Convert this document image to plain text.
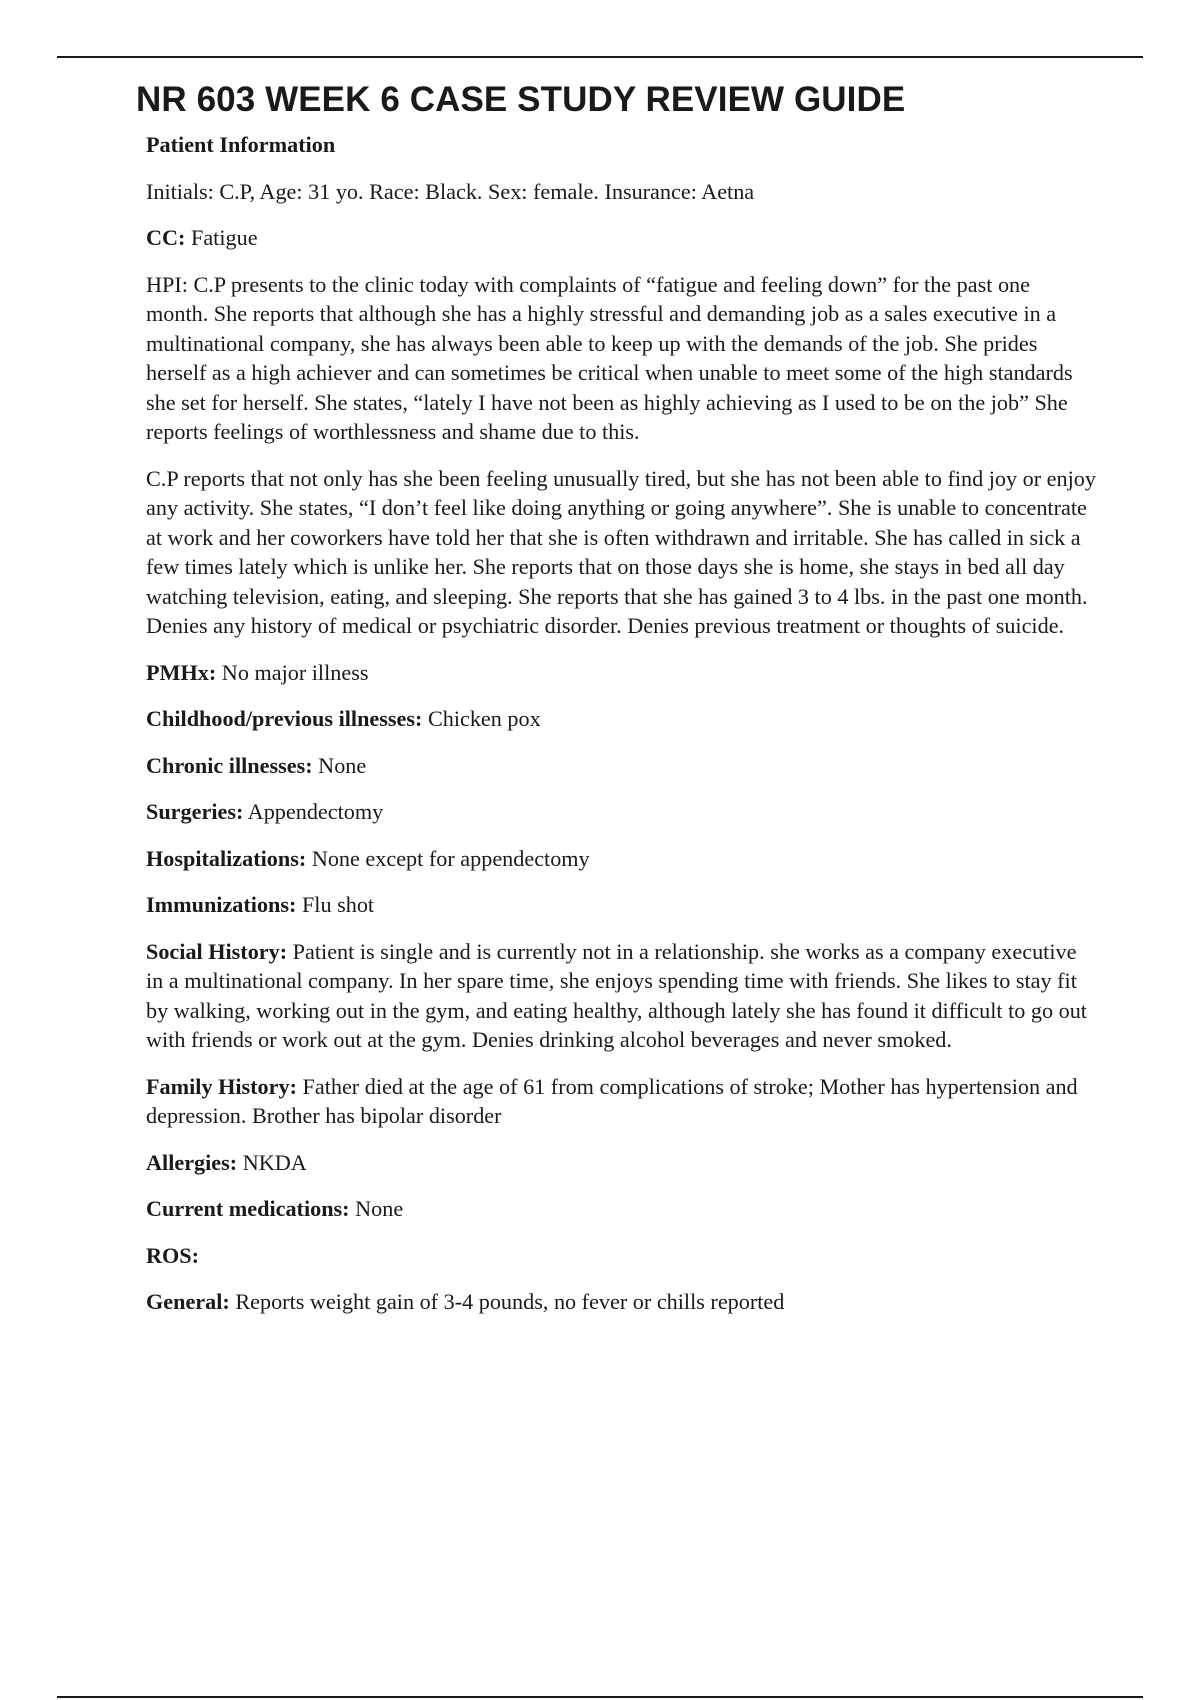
NR 603 WEEK 6 CASE STUDY REVIEW GUIDE

Patient Information

Initials: C.P, Age: 31 yo. Race: Black. Sex: female. Insurance: Aetna

CC: Fatigue

HPI: C.P presents to the clinic today with complaints of “fatigue and feeling down” for the past one month. She reports that although she has a highly stressful and demanding job as a sales executive in a multinational company, she has always been able to keep up with the demands of the job. She prides herself as a high achiever and can sometimes be critical when unable to meet some of the high standards she set for herself. She states, “lately I have not been as highly achieving as I used to be on the job” She reports feelings of worthlessness and shame due to this.

C.P reports that not only has she been feeling unusually tired, but she has not been able to find joy or enjoy any activity. She states, “I don’t feel like doing anything or going anywhere”. She is unable to concentrate at work and her coworkers have told her that she is often withdrawn and irritable. She has called in sick a few times lately which is unlike her. She reports that on those days she is home, she stays in bed all day watching television, eating, and sleeping. She reports that she has gained 3 to 4 lbs. in the past one month. Denies any history of medical or psychiatric disorder. Denies previous treatment or thoughts of suicide.

PMHx: No major illness

Childhood/previous illnesses: Chicken pox

Chronic illnesses: None

Surgeries: Appendectomy

Hospitalizations: None except for appendectomy

Immunizations: Flu shot

Social History: Patient is single and is currently not in a relationship. she works as a company executive in a multinational company. In her spare time, she enjoys spending time with friends. She likes to stay fit by walking, working out in the gym, and eating healthy, although lately she has found it difficult to go out with friends or work out at the gym. Denies drinking alcohol beverages and never smoked.

Family History: Father died at the age of 61 from complications of stroke; Mother has hypertension and depression. Brother has bipolar disorder

Allergies: NKDA

Current medications: None

ROS:

General: Reports weight gain of 3-4 pounds, no fever or chills reported
